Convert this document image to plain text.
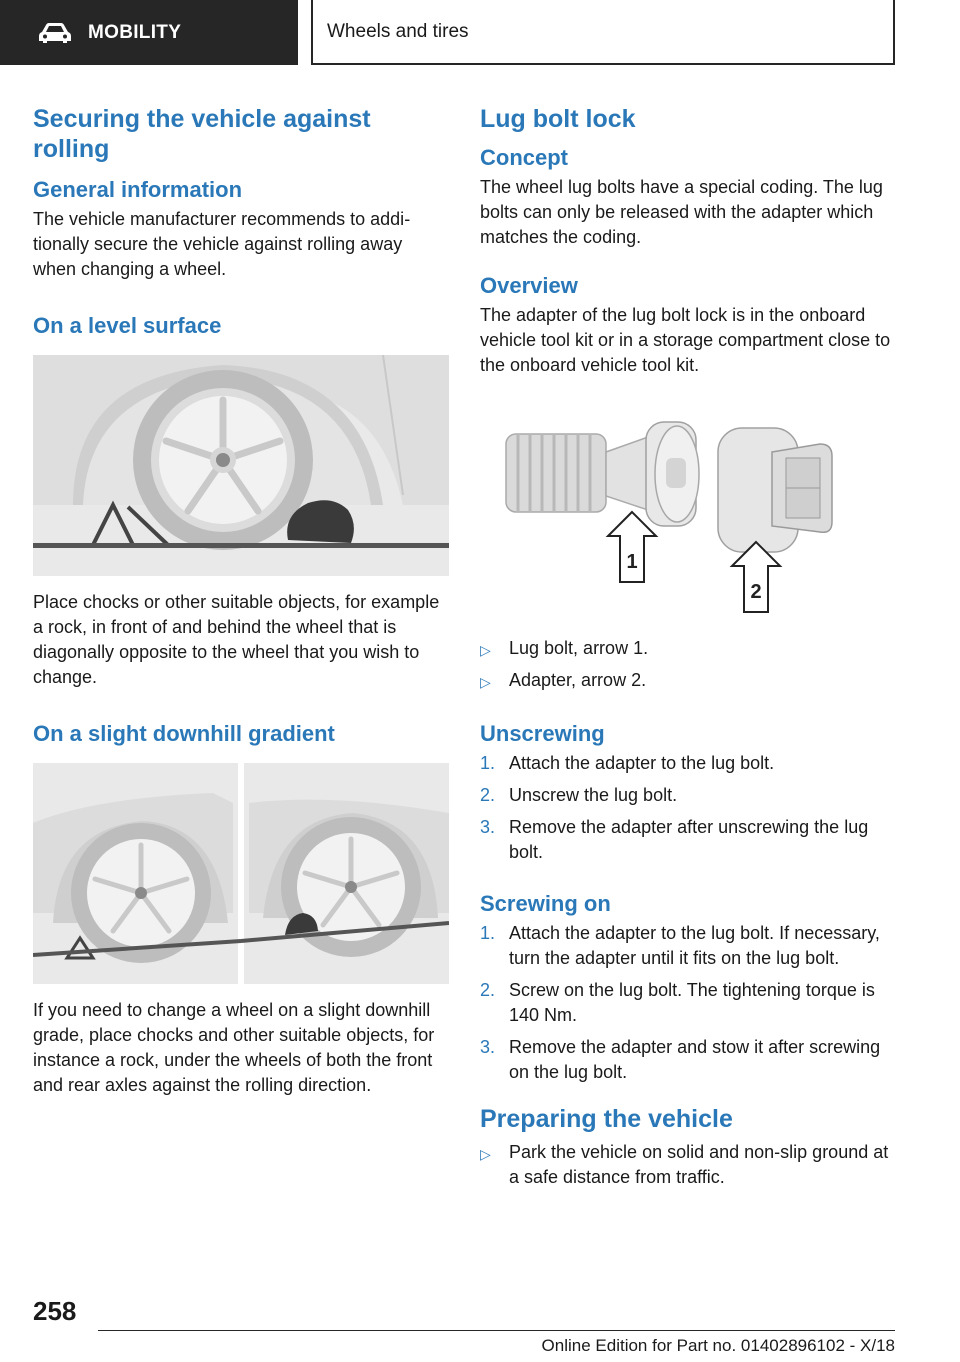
MOBILITY	Wheels and tires
Securing the vehicle against rolling
General information

The vehicle manufacturer recommends to additionally secure the vehicle against rolling away when changing a wheel.

On a level surface

Place chocks or other suitable objects, for example a rock, in front of and behind the wheel that is diagonally opposite to the wheel that you wish to change.

On a slight downhill gradient

If you need to change a wheel on a slight downhill grade, place chocks and other suitable objects, for instance a rock, under the wheels of both the front and rear axles against the rolling direction.

Lug bolt lock
Concept

The wheel lug bolts have a special coding. The lug bolts can only be released with the adapter which matches the coding.

Overview

The adapter of the lug bolt lock is in the onboard vehicle tool kit or in a storage compartment close to the onboard vehicle tool kit.

1
2
▷ Lug bolt, arrow 1.
▷ Adapter, arrow 2.
Unscrewing
1. Attach the adapter to the lug bolt.
2. Unscrew the lug bolt.
3. Remove the adapter after unscrewing the lug bolt.
Screwing on
1. Attach the adapter to the lug bolt. If necessary, turn the adapter until it fits on the lug bolt.
2. Screw on the lug bolt. The tightening torque is 140 Nm.
3. Remove the adapter and stow it after screwing on the lug bolt.
Preparing the vehicle
▷ Park the vehicle on solid and non-slip ground at a safe distance from traffic.
258
Online Edition for Part no. 01402896102 - X/18
